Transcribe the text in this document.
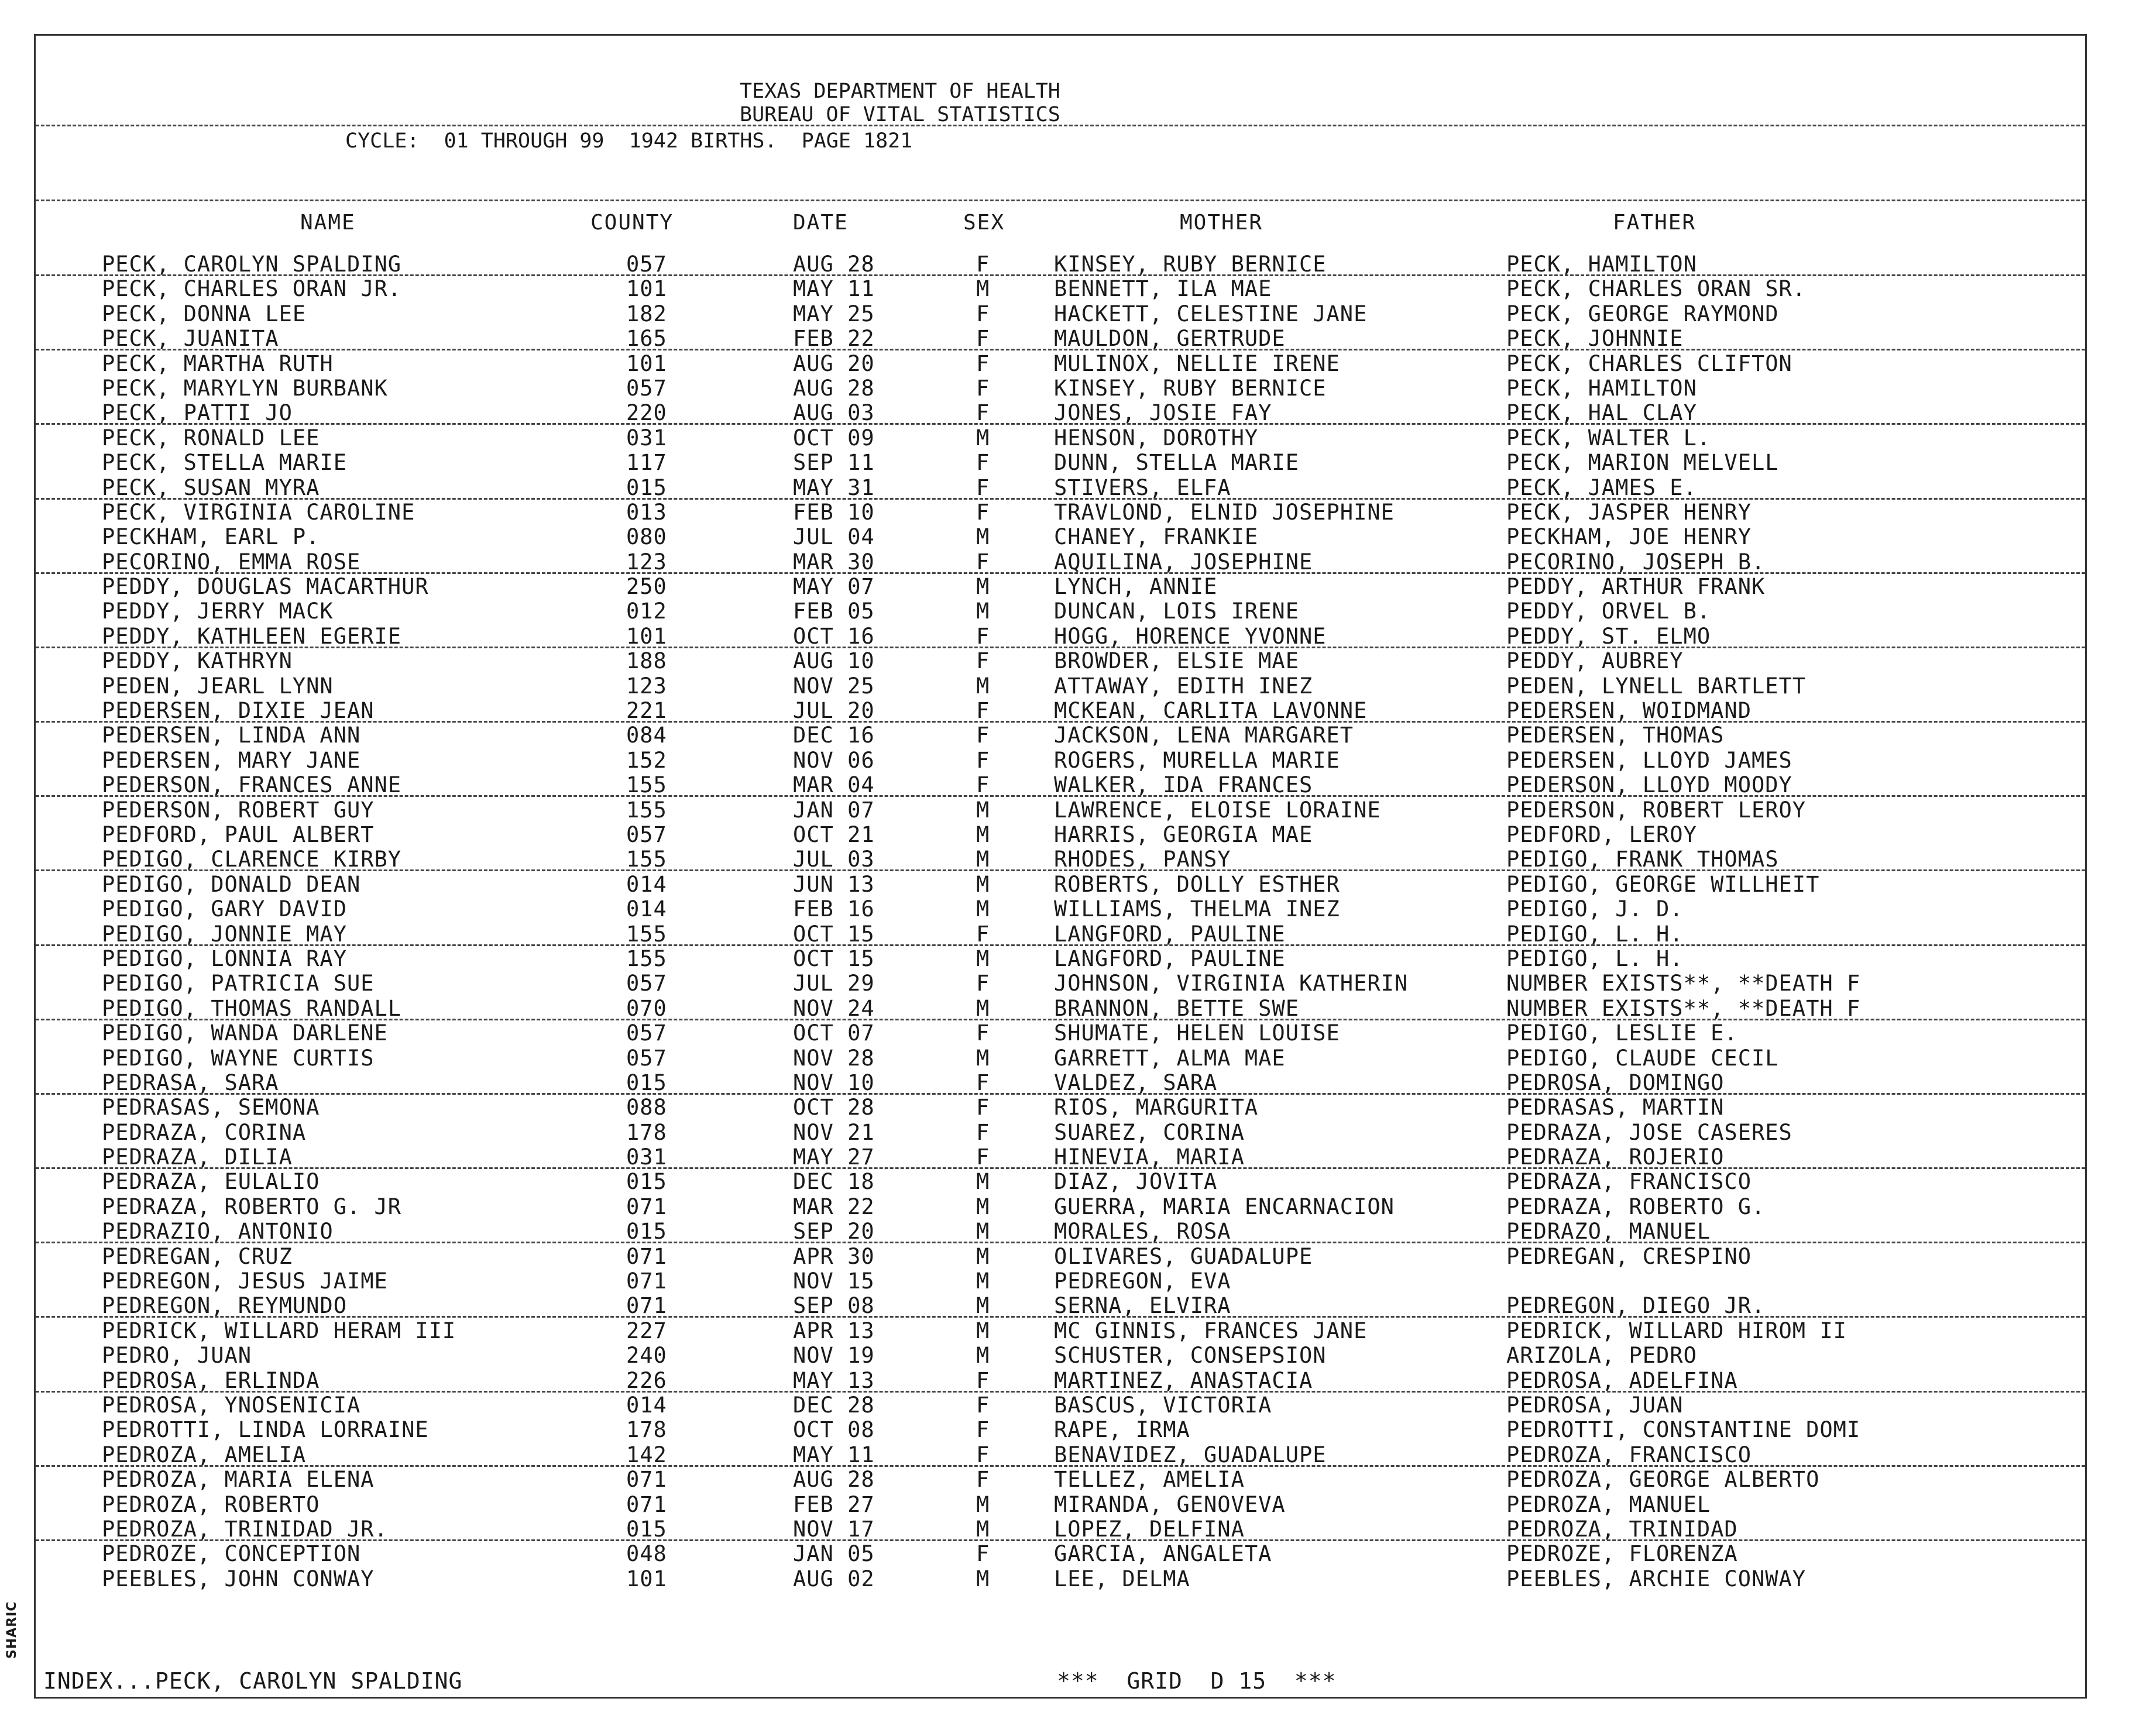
TEXAS DEPARTMENT OF HEALTH
BUREAU OF VITAL STATISTICS
CYCLE:  01 THROUGH 99  1942 BIRTHS.  PAGE 1821
NAME	COUNTY	DATE	SEX	MOTHER	FATHER
PECK, CAROLYN SPALDING	057	AUG 28	F	KINSEY, RUBY BERNICE	PECK, HAMILTON
PECK, CHARLES ORAN JR.	101	MAY 11	M	BENNETT, ILA MAE	PECK, CHARLES ORAN SR.
PECK, DONNA LEE	182	MAY 25	F	HACKETT, CELESTINE JANE	PECK, GEORGE RAYMOND
PECK, JUANITA	165	FEB 22	F	MAULDON, GERTRUDE	PECK, JOHNNIE
PECK, MARTHA RUTH	101	AUG 20	F	MULINOX, NELLIE IRENE	PECK, CHARLES CLIFTON
PECK, MARYLYN BURBANK	057	AUG 28	F	KINSEY, RUBY BERNICE	PECK, HAMILTON
PECK, PATTI JO	220	AUG 03	F	JONES, JOSIE FAY	PECK, HAL CLAY
PECK, RONALD LEE	031	OCT 09	M	HENSON, DOROTHY	PECK, WALTER L.
PECK, STELLA MARIE	117	SEP 11	F	DUNN, STELLA MARIE	PECK, MARION MELVELL
PECK, SUSAN MYRA	015	MAY 31	F	STIVERS, ELFA	PECK, JAMES E.
PECK, VIRGINIA CAROLINE	013	FEB 10	F	TRAVLOND, ELNID JOSEPHINE	PECK, JASPER HENRY
PECKHAM, EARL P.	080	JUL 04	M	CHANEY, FRANKIE	PECKHAM, JOE HENRY
PECORINO, EMMA ROSE	123	MAR 30	F	AQUILINA, JOSEPHINE	PECORINO, JOSEPH B.
PEDDY, DOUGLAS MACARTHUR	250	MAY 07	M	LYNCH, ANNIE	PEDDY, ARTHUR FRANK
PEDDY, JERRY MACK	012	FEB 05	M	DUNCAN, LOIS IRENE	PEDDY, ORVEL B.
PEDDY, KATHLEEN EGERIE	101	OCT 16	F	HOGG, HORENCE YVONNE	PEDDY, ST. ELMO
PEDDY, KATHRYN	188	AUG 10	F	BROWDER, ELSIE MAE	PEDDY, AUBREY
PEDEN, JEARL LYNN	123	NOV 25	M	ATTAWAY, EDITH INEZ	PEDEN, LYNELL BARTLETT
PEDERSEN, DIXIE JEAN	221	JUL 20	F	MCKEAN, CARLITA LAVONNE	PEDERSEN, WOIDMAND
PEDERSEN, LINDA ANN	084	DEC 16	F	JACKSON, LENA MARGARET	PEDERSEN, THOMAS
PEDERSEN, MARY JANE	152	NOV 06	F	ROGERS, MURELLA MARIE	PEDERSEN, LLOYD JAMES
PEDERSON, FRANCES ANNE	155	MAR 04	F	WALKER, IDA FRANCES	PEDERSON, LLOYD MOODY
PEDERSON, ROBERT GUY	155	JAN 07	M	LAWRENCE, ELOISE LORAINE	PEDERSON, ROBERT LEROY
PEDFORD, PAUL ALBERT	057	OCT 21	M	HARRIS, GEORGIA MAE	PEDFORD, LEROY
PEDIGO, CLARENCE KIRBY	155	JUL 03	M	RHODES, PANSY	PEDIGO, FRANK THOMAS
PEDIGO, DONALD DEAN	014	JUN 13	M	ROBERTS, DOLLY ESTHER	PEDIGO, GEORGE WILLHEIT
PEDIGO, GARY DAVID	014	FEB 16	M	WILLIAMS, THELMA INEZ	PEDIGO, J. D.
PEDIGO, JONNIE MAY	155	OCT 15	F	LANGFORD, PAULINE	PEDIGO, L. H.
PEDIGO, LONNIA RAY	155	OCT 15	M	LANGFORD, PAULINE	PEDIGO, L. H.
PEDIGO, PATRICIA SUE	057	JUL 29	F	JOHNSON, VIRGINIA KATHERIN	NUMBER EXISTS**, **DEATH F
PEDIGO, THOMAS RANDALL	070	NOV 24	M	BRANNON, BETTE SWE	NUMBER EXISTS**, **DEATH F
PEDIGO, WANDA DARLENE	057	OCT 07	F	SHUMATE, HELEN LOUISE	PEDIGO, LESLIE E.
PEDIGO, WAYNE CURTIS	057	NOV 28	M	GARRETT, ALMA MAE	PEDIGO, CLAUDE CECIL
PEDRASA, SARA	015	NOV 10	F	VALDEZ, SARA	PEDROSA, DOMINGO
PEDRASAS, SEMONA	088	OCT 28	F	RIOS, MARGURITA	PEDRASAS, MARTIN
PEDRAZA, CORINA	178	NOV 21	F	SUAREZ, CORINA	PEDRAZA, JOSE CASERES
PEDRAZA, DILIA	031	MAY 27	F	HINEVIA, MARIA	PEDRAZA, ROJERIO
PEDRAZA, EULALIO	015	DEC 18	M	DIAZ, JOVITA	PEDRAZA, FRANCISCO
PEDRAZA, ROBERTO G. JR	071	MAR 22	M	GUERRA, MARIA ENCARNACION	PEDRAZA, ROBERTO G.
PEDRAZIO, ANTONIO	015	SEP 20	M	MORALES, ROSA	PEDRAZO, MANUEL
PEDREGAN, CRUZ	071	APR 30	M	OLIVARES, GUADALUPE	PEDREGAN, CRESPINO
PEDREGON, JESUS JAIME	071	NOV 15	M	PEDREGON, EVA
PEDREGON, REYMUNDO	071	SEP 08	M	SERNA, ELVIRA	PEDREGON, DIEGO JR.
PEDRICK, WILLARD HERAM III	227	APR 13	M	MC GINNIS, FRANCES JANE	PEDRICK, WILLARD HIROM II
PEDRO, JUAN	240	NOV 19	M	SCHUSTER, CONSEPSION	ARIZOLA, PEDRO
PEDROSA, ERLINDA	226	MAY 13	F	MARTINEZ, ANASTACIA	PEDROSA, ADELFINA
PEDROSA, YNOSENICIA	014	DEC 28	F	BASCUS, VICTORIA	PEDROSA, JUAN
PEDROTTI, LINDA LORRAINE	178	OCT 08	F	RAPE, IRMA	PEDROTTI, CONSTANTINE DOMI
PEDROZA, AMELIA	142	MAY 11	F	BENAVIDEZ, GUADALUPE	PEDROZA, FRANCISCO
PEDROZA, MARIA ELENA	071	AUG 28	F	TELLEZ, AMELIA	PEDROZA, GEORGE ALBERTO
PEDROZA, ROBERTO	071	FEB 27	M	MIRANDA, GENOVEVA	PEDROZA, MANUEL
PEDROZA, TRINIDAD JR.	015	NOV 17	M	LOPEZ, DELFINA	PEDROZA, TRINIDAD
PEDROZE, CONCEPTION	048	JAN 05	F	GARCIA, ANGALETA	PEDROZE, FLORENZA
PEEBLES, JOHN CONWAY	101	AUG 02	M	LEE, DELMA	PEEBLES, ARCHIE CONWAY
INDEX...PECK, CAROLYN SPALDING	***  GRID  D 15  ***
SHARIC
